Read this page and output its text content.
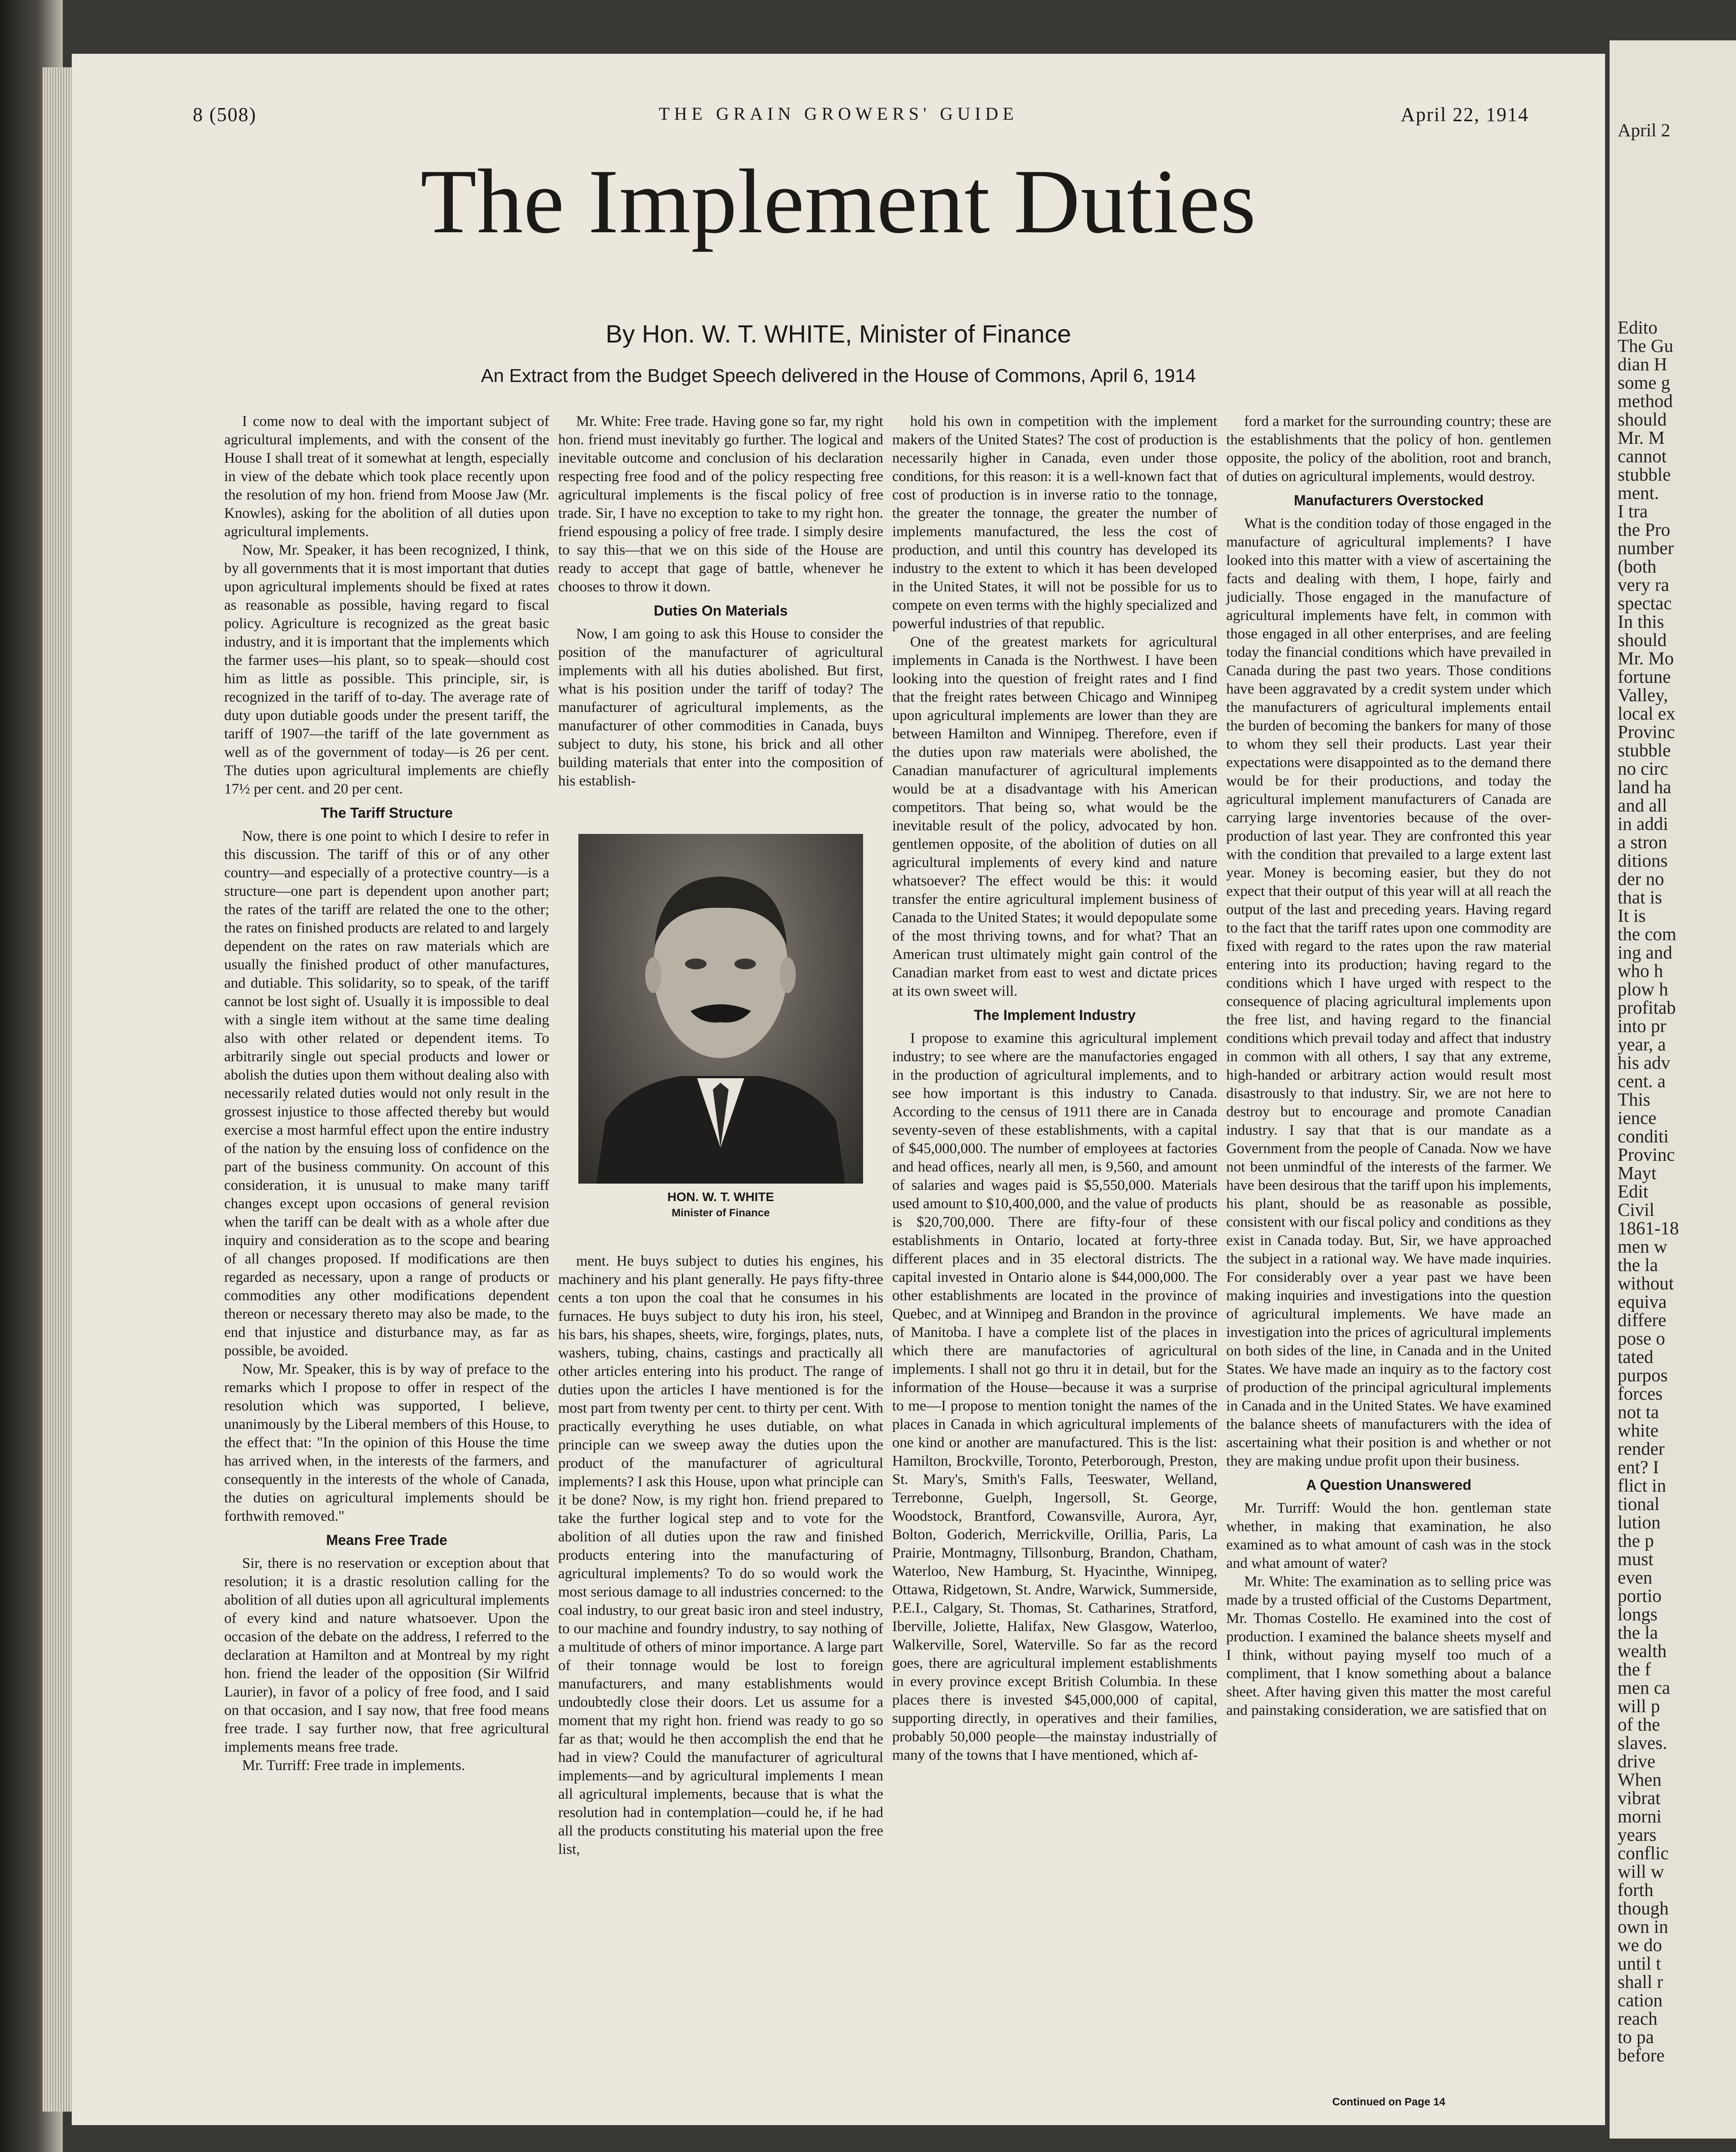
8 (508)	THE GRAIN GROWERS' GUIDE	April 22, 1914
The Implement Duties
By Hon. W. T. WHITE, Minister of Finance
An Extract from the Budget Speech delivered in the House of Commons, April 6, 1914

I come now to deal with the important subject of agricultural implements, and with the consent of the House I shall treat of it somewhat at length, especially in view of the debate which took place recently upon the resolution of my hon. friend from Moose Jaw (Mr. Knowles), asking for the abolition of all duties upon agricultural implements.

Now, Mr. Speaker, it has been recognized, I think, by all governments that it is most important that duties upon agricultural implements should be fixed at rates as reasonable as possible, having regard to fiscal policy. Agriculture is recognized as the great basic industry, and it is important that the implements which the farmer uses—his plant, so to speak—should cost him as little as possible. This principle, sir, is recognized in the tariff of to-day. The average rate of duty upon dutiable goods under the present tariff, the tariff of 1907—the tariff of the late government as well as of the government of today—is 26 per cent. The duties upon agricultural implements are chiefly 17½ per cent. and 20 per cent.

The Tariff Structure

Now, there is one point to which I desire to refer in this discussion. The tariff of this or of any other country—and especially of a protective country—is a structure—one part is dependent upon another part; the rates of the tariff are related the one to the other; the rates on finished products are related to and largely dependent on the rates on raw materials which are usually the finished product of other manufactures, and dutiable. This solidarity, so to speak, of the tariff cannot be lost sight of. Usually it is impossible to deal with a single item without at the same time dealing also with other related or dependent items. To arbitrarily single out special products and lower or abolish the duties upon them without dealing also with necessarily related duties would not only result in the grossest injustice to those affected thereby but would exercise a most harmful effect upon the entire industry of the nation by the ensuing loss of confidence on the part of the business community. On account of this consideration, it is unusual to make many tariff changes except upon occasions of general revision when the tariff can be dealt with as a whole after due inquiry and consideration as to the scope and bearing of all changes proposed. If modifications are then regarded as necessary, upon a range of products or commodities any other modifications dependent thereon or necessary thereto may also be made, to the end that injustice and disturbance may, as far as possible, be avoided.

Now, Mr. Speaker, this is by way of preface to the remarks which I propose to offer in respect of the resolution which was supported, I believe, unanimously by the Liberal members of this House, to the effect that: "In the opinion of this House the time has arrived when, in the interests of the farmers, and consequently in the interests of the whole of Canada, the duties on agricultural implements should be forthwith removed."

Means Free Trade

Sir, there is no reservation or exception about that resolution; it is a drastic resolution calling for the abolition of all duties upon all agricultural implements of every kind and nature whatsoever. Upon the occasion of the debate on the address, I referred to the declaration at Hamilton and at Montreal by my right hon. friend the leader of the opposition (Sir Wilfrid Laurier), in favor of a policy of free food, and I said on that occasion, and I say now, that free food means free trade. I say further now, that free agricultural implements means free trade.

Mr. Turriff: Free trade in implements.

Mr. White: Free trade. Having gone so far, my right hon. friend must inevitably go further. The logical and inevitable outcome and conclusion of his declaration respecting free food and of the policy respecting free agricultural implements is the fiscal policy of free trade. Sir, I have no exception to take to my right hon. friend espousing a policy of free trade. I simply desire to say this—that we on this side of the House are ready to accept that gage of battle, whenever he chooses to throw it down.

Duties On Materials

Now, I am going to ask this House to consider the position of the manufacturer of agricultural implements with all his duties abolished. But first, what is his position under the tariff of today? The manufacturer of agricultural implements, as the manufacturer of other commodities in Canada, buys subject to duty, his stone, his brick and all other building materials that enter into the composition of his establish-

ment. He buys subject to duties his engines, his machinery and his plant generally. He pays fifty-three cents a ton upon the coal that he consumes in his furnaces. He buys subject to duty his iron, his steel, his bars, his shapes, sheets, wire, forgings, plates, nuts, washers, tubing, chains, castings and practically all other articles entering into his product. The range of duties upon the articles I have mentioned is for the most part from twenty per cent. to thirty per cent. With practically everything he uses dutiable, on what principle can we sweep away the duties upon the product of the manufacturer of agricultural implements? I ask this House, upon what principle can it be done? Now, is my right hon. friend prepared to take the further logical step and to vote for the abolition of all duties upon the raw and finished products entering into the manufacturing of agricultural implements? To do so would work the most serious damage to all industries concerned: to the coal industry, to our great basic iron and steel industry, to our machine and foundry industry, to say nothing of a multitude of others of minor importance. A large part of their tonnage would be lost to foreign manufacturers, and many establishments would undoubtedly close their doors. Let us assume for a moment that my right hon. friend was ready to go so far as that; would he then accomplish the end that he had in view? Could the manufacturer of agricultural implements—and by agricultural implements I mean all agricultural implements, because that is what the resolution had in contemplation—could he, if he had all the products constituting his material upon the free list,

hold his own in competition with the implement makers of the United States? The cost of production is necessarily higher in Canada, even under those conditions, for this reason: it is a well-known fact that cost of production is in inverse ratio to the tonnage, the greater the tonnage, the greater the number of implements manufactured, the less the cost of production, and until this country has developed its industry to the extent to which it has been developed in the United States, it will not be possible for us to compete on even terms with the highly specialized and powerful industries of that republic.

One of the greatest markets for agricultural implements in Canada is the Northwest. I have been looking into the question of freight rates and I find that the freight rates between Chicago and Winnipeg upon agricultural implements are lower than they are between Hamilton and Winnipeg. Therefore, even if the duties upon raw materials were abolished, the Canadian manufacturer of agricultural implements would be at a disadvantage with his American competitors. That being so, what would be the inevitable result of the policy, advocated by hon. gentlemen opposite, of the abolition of duties on all agricultural implements of every kind and nature whatsoever? The effect would be this: it would transfer the entire agricultural implement business of Canada to the United States; it would depopulate some of the most thriving towns, and for what? That an American trust ultimately might gain control of the Canadian market from east to west and dictate prices at its own sweet will.

The Implement Industry

I propose to examine this agricultural implement industry; to see where are the manufactories engaged in the production of agricultural implements, and to see how important is this industry to Canada. According to the census of 1911 there are in Canada seventy-seven of these establishments, with a capital of $45,000,000. The number of employees at factories and head offices, nearly all men, is 9,560, and amount of salaries and wages paid is $5,550,000. Materials used amount to $10,400,000, and the value of products is $20,700,000. There are fifty-four of these establishments in Ontario, located at forty-three different places and in 35 electoral districts. The capital invested in Ontario alone is $44,000,000. The other establishments are located in the province of Quebec, and at Winnipeg and Brandon in the province of Manitoba. I have a complete list of the places in which there are manufactories of agricultural implements. I shall not go thru it in detail, but for the information of the House—because it was a surprise to me—I propose to mention tonight the names of the places in Canada in which agricultural implements of one kind or another are manufactured. This is the list: Hamilton, Brockville, Toronto, Peterborough, Preston, St. Mary's, Smith's Falls, Teeswater, Welland, Terrebonne, Guelph, Ingersoll, St. George, Woodstock, Brantford, Cowansville, Aurora, Ayr, Bolton, Goderich, Merrickville, Orillia, Paris, La Prairie, Montmagny, Tillsonburg, Brandon, Chatham, Waterloo, New Hamburg, St. Hyacinthe, Winnipeg, Ottawa, Ridgetown, St. Andre, Warwick, Summerside, P.E.I., Calgary, St. Thomas, St. Catharines, Stratford, Iberville, Joliette, Halifax, New Glasgow, Waterloo, Walkerville, Sorel, Waterville. So far as the record goes, there are agricultural implement establishments in every province except British Columbia. In these places there is invested $45,000,000 of capital, supporting directly, in operatives and their families, probably 50,000 people—the mainstay industrially of many of the towns that I have mentioned, which af-

ford a market for the surrounding country; these are the establishments that the policy of hon. gentlemen opposite, the policy of the abolition, root and branch, of duties on agricultural implements, would destroy.

Manufacturers Overstocked

What is the condition today of those engaged in the manufacture of agricultural implements? I have looked into this matter with a view of ascertaining the facts and dealing with them, I hope, fairly and judicially. Those engaged in the manufacture of agricultural implements have felt, in common with those engaged in all other enterprises, and are feeling today the financial conditions which have prevailed in Canada during the past two years. Those conditions have been aggravated by a credit system under which the manufacturers of agricultural implements entail the burden of becoming the bankers for many of those to whom they sell their products. Last year their expectations were disappointed as to the demand there would be for their productions, and today the agricultural implement manufacturers of Canada are carrying large inventories because of the over-production of last year. They are confronted this year with the condition that prevailed to a large extent last year. Money is becoming easier, but they do not expect that their output of this year will at all reach the output of the last and preceding years. Having regard to the fact that the tariff rates upon one commodity are fixed with regard to the rates upon the raw material entering into its production; having regard to the conditions which I have urged with respect to the consequence of placing agricultural implements upon the free list, and having regard to the financial conditions which prevail today and affect that industry in common with all others, I say that any extreme, high-handed or arbitrary action would result most disastrously to that industry. Sir, we are not here to destroy but to encourage and promote Canadian industry. I say that that is our mandate as a Government from the people of Canada. Now we have not been unmindful of the interests of the farmer. We have been desirous that the tariff upon his implements, his plant, should be as reasonable as possible, consistent with our fiscal policy and conditions as they exist in Canada today. But, Sir, we have approached the subject in a rational way. We have made inquiries. For considerably over a year past we have been making inquiries and investigations into the question of agricultural implements. We have made an investigation into the prices of agricultural implements on both sides of the line, in Canada and in the United States. We have made an inquiry as to the factory cost of production of the principal agricultural implements in Canada and in the United States. We have examined the balance sheets of manufacturers with the idea of ascertaining what their position is and whether or not they are making undue profit upon their business.

A Question Unanswered

Mr. Turriff: Would the hon. gentleman state whether, in making that examination, he also examined as to what amount of cash was in the stock and what amount of water?

Mr. White: The examination as to selling price was made by a trusted official of the Customs Department, Mr. Thomas Costello. He examined into the cost of production. I examined the balance sheets myself and I think, without paying myself too much of a compliment, that I know something about a balance sheet. After having given this matter the most careful and painstaking consideration, we are satisfied that on

HON. W. T. WHITE
Minister of Finance
Continued on Page 14
April 2
Edito
The Gu
dian H
some g
method
should
Mr. M
cannot
stubble
ment.
I tra
the Pro
number
(both
very ra
spectac
In this
should
Mr. Mo
fortune
Valley,
local ex
Provinc
stubble
no circ
land ha
and all
in addi
a stron
ditions
der no
that is
It is
the com
ing and
who h
plow h
profitab
into pr
year, a
his adv
cent. a
This
ience
conditi
Provinc
Mayt
Edit
Civil
1861-18
men w
the la
without
equiva
differe
pose o
tated
purpos
forces
not ta
white
render
ent? I
flict in
tional
lution
the p
must
even
portio
longs
the la
wealth
the f
men ca
will p
of the
slaves.
drive
When
vibrat
morni
years
conflic
will w
forth
though
own in
we do
until t
shall r
cation
reach
to pa
before
